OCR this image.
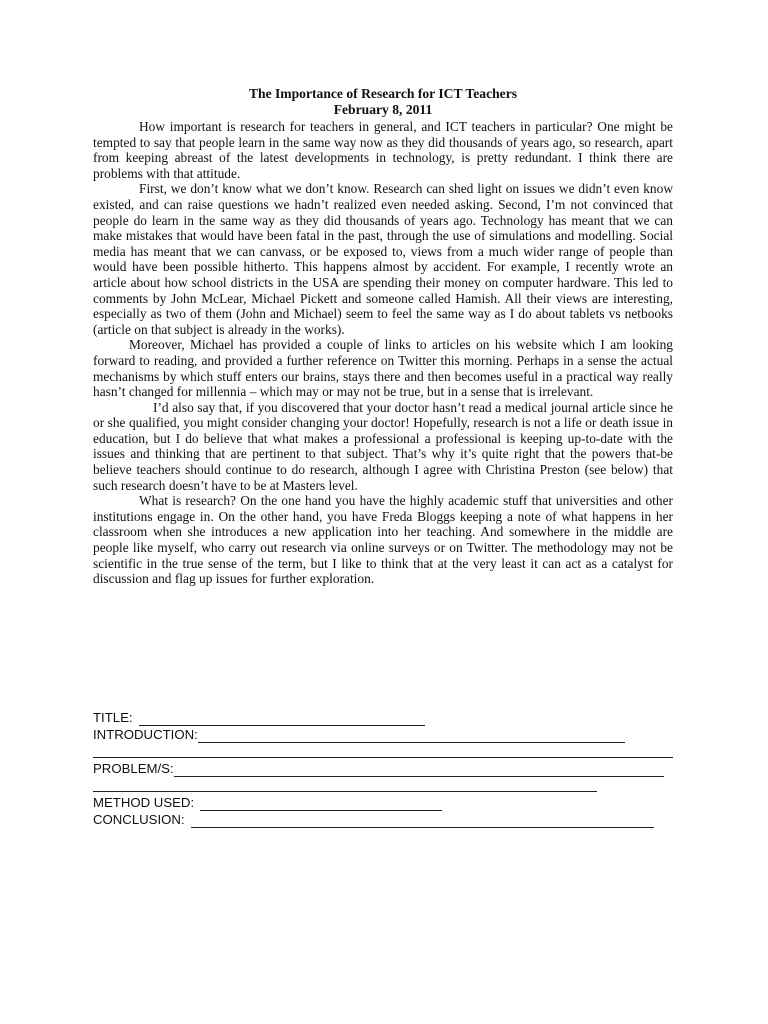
The Importance of Research for ICT Teachers

February 8, 2011

How important is research for teachers in general, and ICT teachers in particular? One might be tempted to say that people learn in the same way now as they did thousands of years ago, so research, apart from keeping abreast of the latest developments in technology, is pretty redundant. I think there are problems with that attitude.

First, we don’t know what we don’t know. Research can shed light on issues we didn’t even know existed, and can raise questions we hadn’t realized even needed asking. Second, I’m not convinced that people do learn in the same way as they did thousands of years ago. Technology has meant that we can make mistakes that would have been fatal in the past, through the use of simulations and modelling. Social media has meant that we can canvass, or be exposed to, views from a much wider range of people than would have been possible hitherto. This happens almost by accident. For example, I recently wrote an article about how school districts in the USA are spending their money on computer hardware. This led to comments by John McLear, Michael Pickett and someone called Hamish. All their views are interesting, especially as two of them (John and Michael) seem to feel the same way as I do about tablets vs netbooks (article on that subject is already in the works).

Moreover, Michael has provided a couple of links to articles on his website which I am looking forward to reading, and provided a further reference on Twitter this morning. Perhaps in a sense the actual mechanisms by which stuff enters our brains, stays there and then becomes useful in a practical way really hasn’t changed for millennia – which may or may not be true, but in a sense that is irrelevant.

I’d also say that, if you discovered that your doctor hasn’t read a medical journal article since he or she qualified, you might consider changing your doctor! Hopefully, research is not a life or death issue in education, but I do believe that what makes a professional a professional is keeping up-to-date with the issues and thinking that are pertinent to that subject. That’s why it’s quite right that the powers that-be believe teachers should continue to do research, although I agree with Christina Preston (see below) that such research doesn’t have to be at Masters level.

What is research? On the one hand you have the highly academic stuff that universities and other institutions engage in. On the other hand, you have Freda Bloggs keeping a note of what happens in her classroom when she introduces a new application into her teaching. And somewhere in the middle are people like myself, who carry out research via online surveys or on Twitter. The methodology may not be scientific in the true sense of the term, but I like to think that at the very least it can act as a catalyst for discussion and flag up issues for further exploration.

TITLE:
INTRODUCTION:
PROBLEM/S:
METHOD USED:
CONCLUSION:
